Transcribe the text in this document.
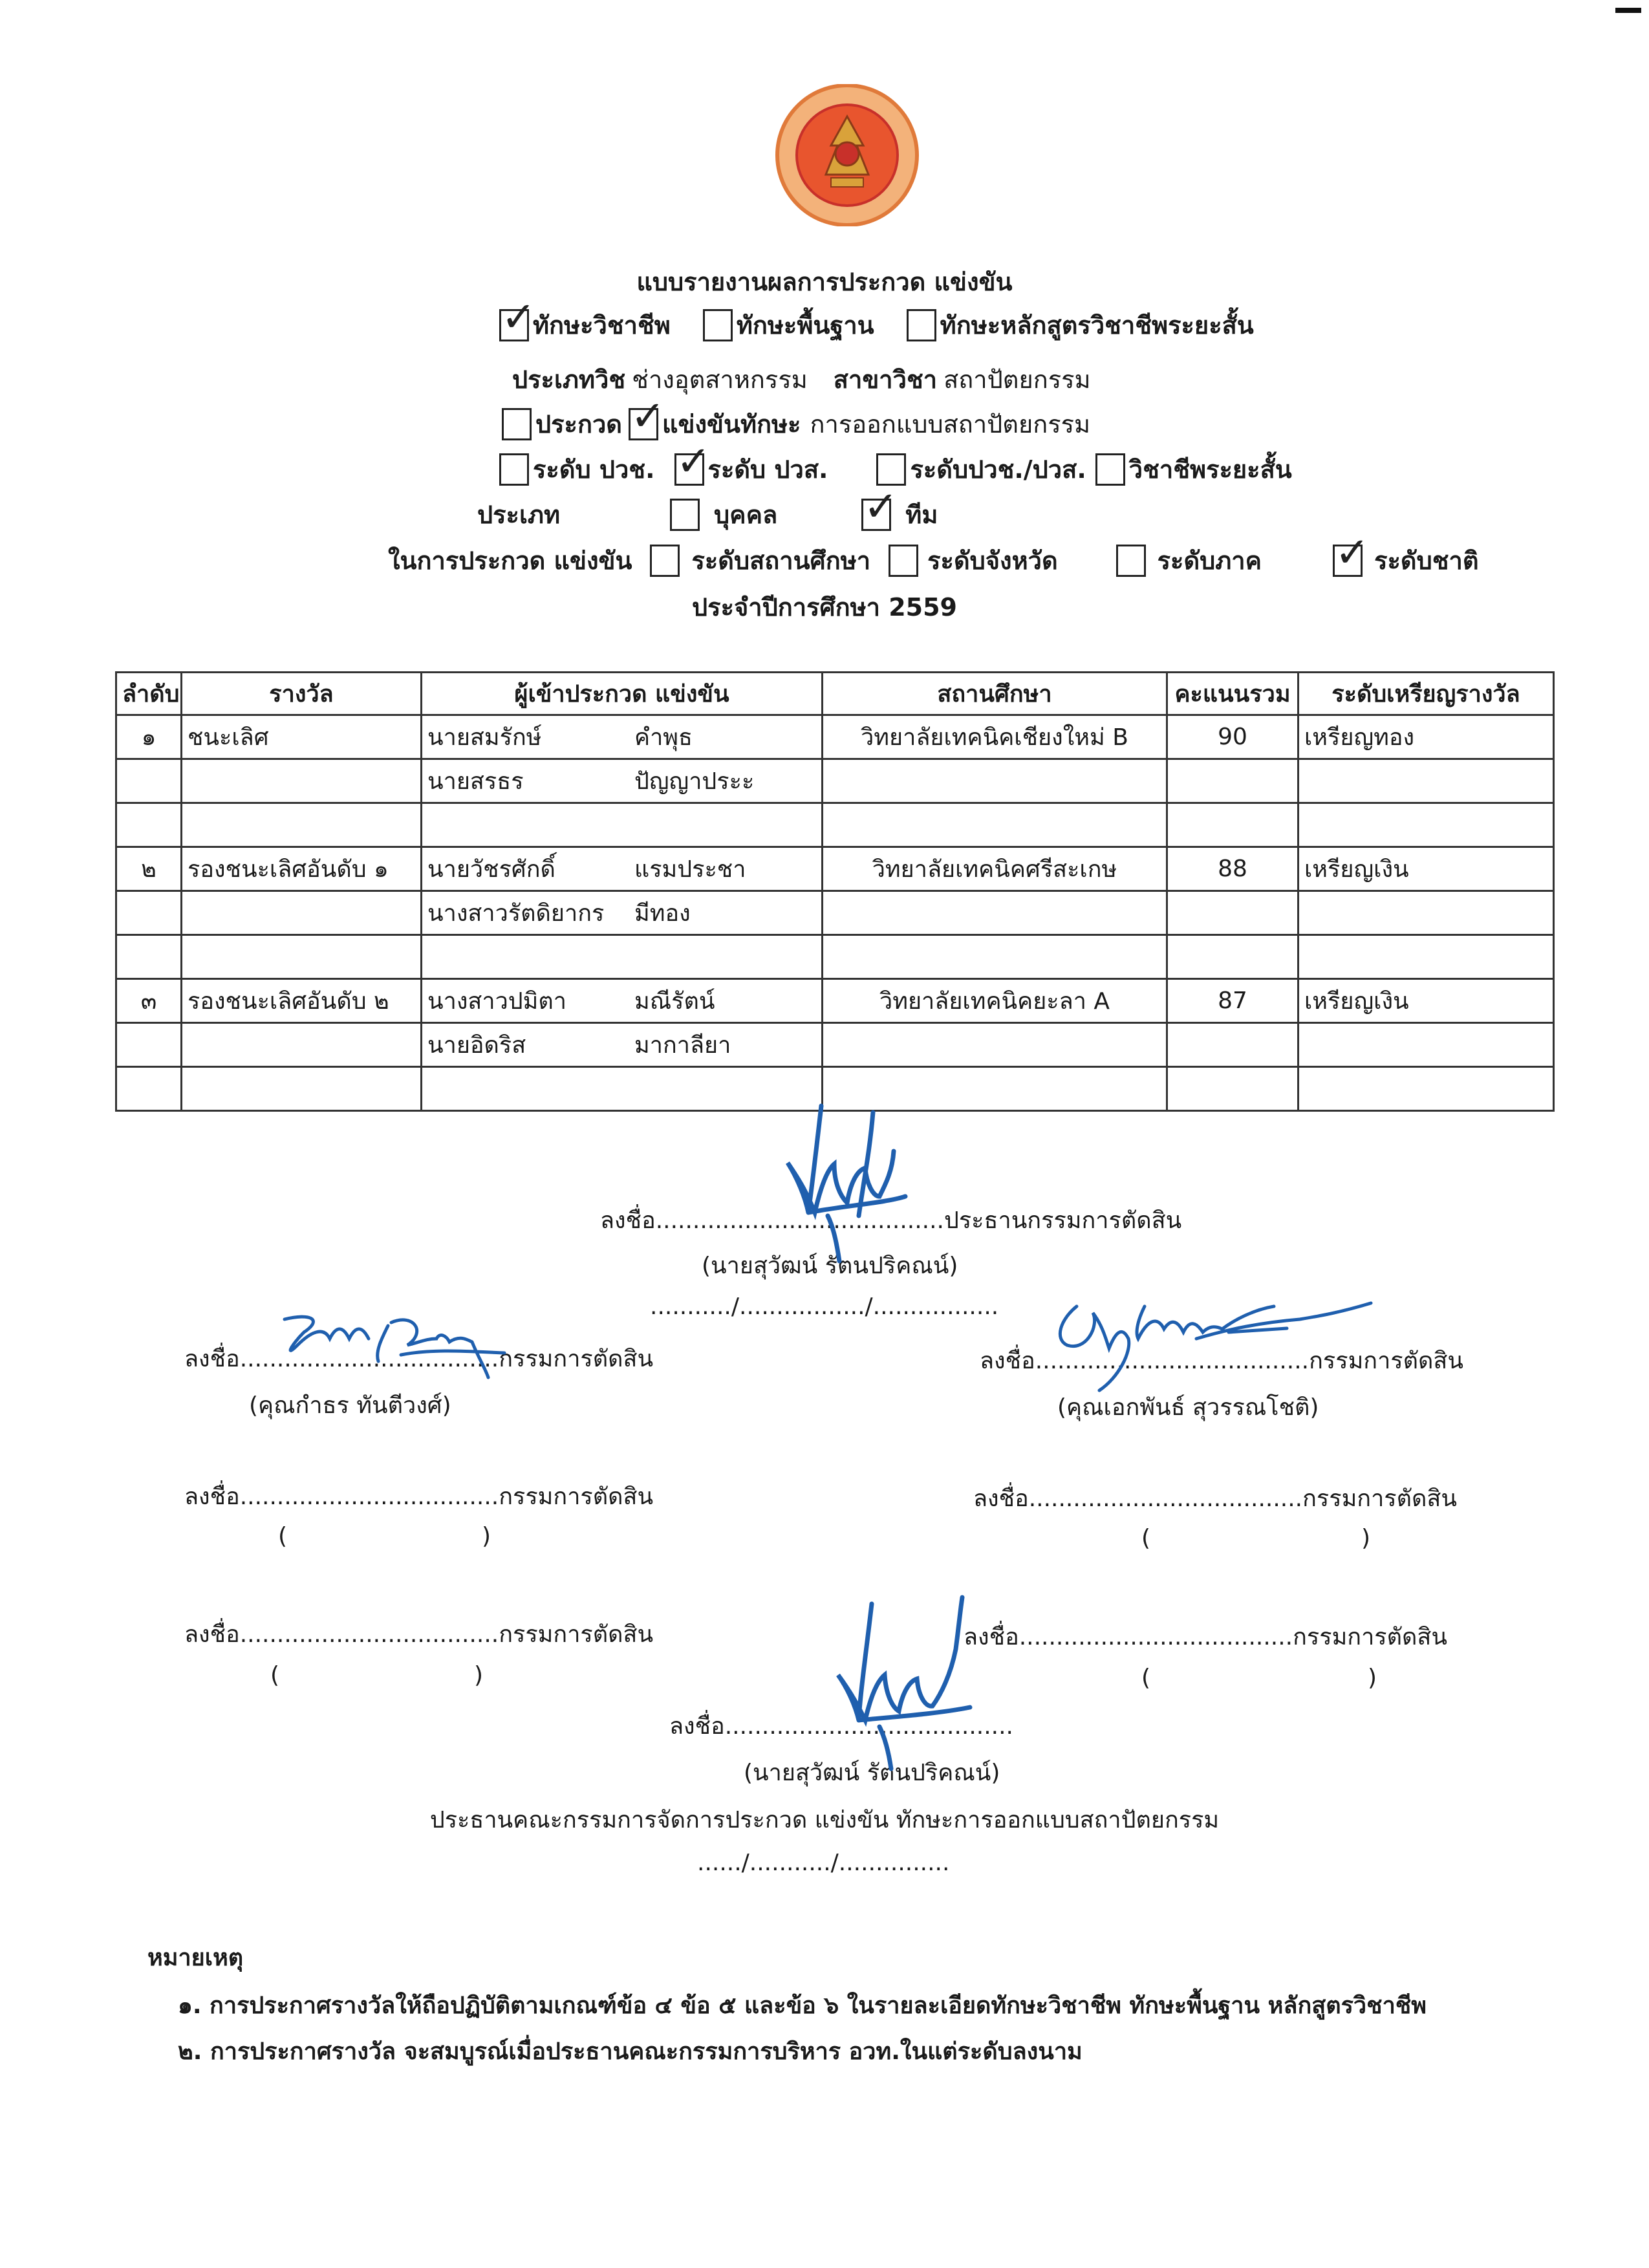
แบบรายงานผลการประกวด แข่งขัน
✓
ทักษะวิชาชีพ	ทักษะพื้นฐาน	ทักษะหลักสูตรวิชาชีพระยะสั้น
ประเภทวิช ช่างอุตสาหกรรม สาขาวิชา สถาปัตยกรรม
ประกวด ✓ แข่งขันทักษะ การออกแบบสถาปัตยกรรม
ระดับ ปวช. ✓ ระดับ ปวส.	ระดับปวช./ปวส. วิชาชีพระยะสั้น
ประเภท	บุคคล ✓	ทีม
ในการประกวด แข่งขัน ระดับสถานศึกษา ระดับจังหวัด	ระดับภาค ✓	ระดับชาติ
ประจำปีการศึกษา 2559
ลำดับ	รางวัล	ผู้เข้าประกวด แข่งขัน	สถานศึกษา	คะแนนรวม	ระดับเหรียญรางวัล
๑	ชนะเลิศ	นายสมรักษ์ คำพุธ	วิทยาลัยเทคนิคเชียงใหม่ B	90	เหรียญทอง
		นายสรธร ปัญญาประะ			

๒	รองชนะเลิศอันดับ ๑	นายวัชรศักดิ์ แรมประชา	วิทยาลัยเทคนิคศรีสะเกษ	88	เหรียญเงิน
		นางสาวรัตดิยากร มีทอง			

๓	รองชนะเลิศอันดับ ๒	นางสาวปมิตา มณีรัตน์	วิทยาลัยเทคนิคยะลา A	87	เหรียญเงิน
		นายอิดริส มากาลียา			

ลงชื่อ.......................................ประธานกรรมการตัดสิน
(นายสุวัฒน์ รัตนปริคณน์)
.........../................./.................
ลงชื่อ...................................กรรมการตัดสิน
(คุณกำธร ทันตีวงศ์)
ลงชื่อ.....................................กรรมการตัดสิน
(คุณเอกพันธ์ สุวรรณโชติ)
ลงชื่อ...................................กรรมการตัดสิน
(	)
ลงชื่อ.....................................กรรมการตัดสิน
(	)
ลงชื่อ...................................กรรมการตัดสิน
(	)
ลงชื่อ.....................................กรรมการตัดสิน
(	)
ลงชื่อ.......................................
(นายสุวัฒน์ รัตนปริคณน์)
ประธานคณะกรรมการจัดการประกวด แข่งขัน ทักษะการออกแบบสถาปัตยกรรม
....../.........../...............
หมายเหตุ
๑. การประกาศรางวัลให้ถือปฏิบัติตามเกณฑ์ข้อ ๔ ข้อ ๕ และข้อ ๖ ในรายละเอียดทักษะวิชาชีพ ทักษะพื้นฐาน หลักสูตรวิชาชีพ
๒. การประกาศรางวัล จะสมบูรณ์เมื่อประธานคณะกรรมการบริหาร อวท.ในแต่ระดับลงนาม
